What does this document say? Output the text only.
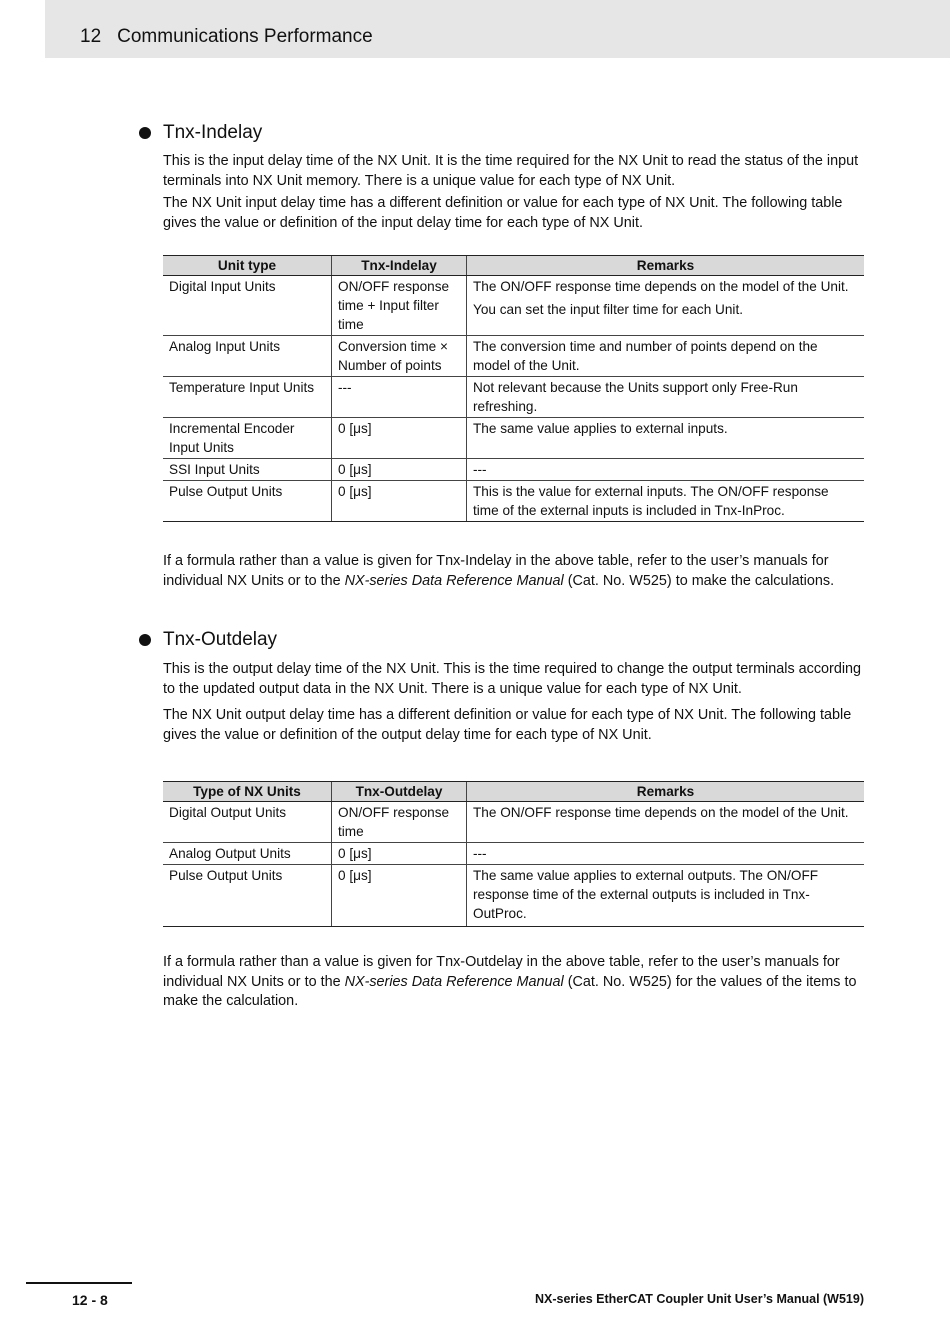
12 Communications Performance
Tnx-Indelay

This is the input delay time of the NX Unit. It is the time required for the NX Unit to read the status of the input terminals into NX Unit memory. There is a unique value for each type of NX Unit.

The NX Unit input delay time has a different definition or value for each type of NX Unit. The following table gives the value or definition of the input delay time for each type of NX Unit.

Unit type	Tnx-Indelay	Remarks
Digital Input Units	ON/OFF response time + Input filter time	The ON/OFF response time depends on the model of the Unit.
You can set the input filter time for each Unit.

Analog Input Units	Conversion time × Number of points	The conversion time and number of points depend on the model of the Unit.
Temperature Input Units	---	Not relevant because the Units support only Free-Run refreshing.
Incremental Encoder Input Units	0 [μs]	The same value applies to external inputs.
SSI Input Units	0 [μs]	---
Pulse Output Units	0 [μs]	This is the value for external inputs. The ON/OFF response time of the external inputs is included in Tnx-InProc.

If a formula rather than a value is given for Tnx-Indelay in the above table, refer to the user’s manuals for individual NX Units or to the NX-series Data Reference Manual (Cat. No. W525) to make the calculations.

Tnx-Outdelay

This is the output delay time of the NX Unit. This is the time required to change the output terminals according to the updated output data in the NX Unit. There is a unique value for each type of NX Unit.

The NX Unit output delay time has a different definition or value for each type of NX Unit. The following table gives the value or definition of the output delay time for each type of NX Unit.

Type of NX Units	Tnx-Outdelay	Remarks
Digital Output Units	ON/OFF response time	The ON/OFF response time depends on the model of the Unit.
Analog Output Units	0 [μs]	---
Pulse Output Units	0 [μs]	The same value applies to external outputs. The ON/OFF response time of the external outputs is included in Tnx-OutProc.

If a formula rather than a value is given for Tnx-Outdelay in the above table, refer to the user’s manuals for individual NX Units or to the NX-series Data Reference Manual (Cat. No. W525) for the values of the items to make the calculation.

12 - 8	NX-series EtherCAT Coupler Unit User’s Manual (W519)
